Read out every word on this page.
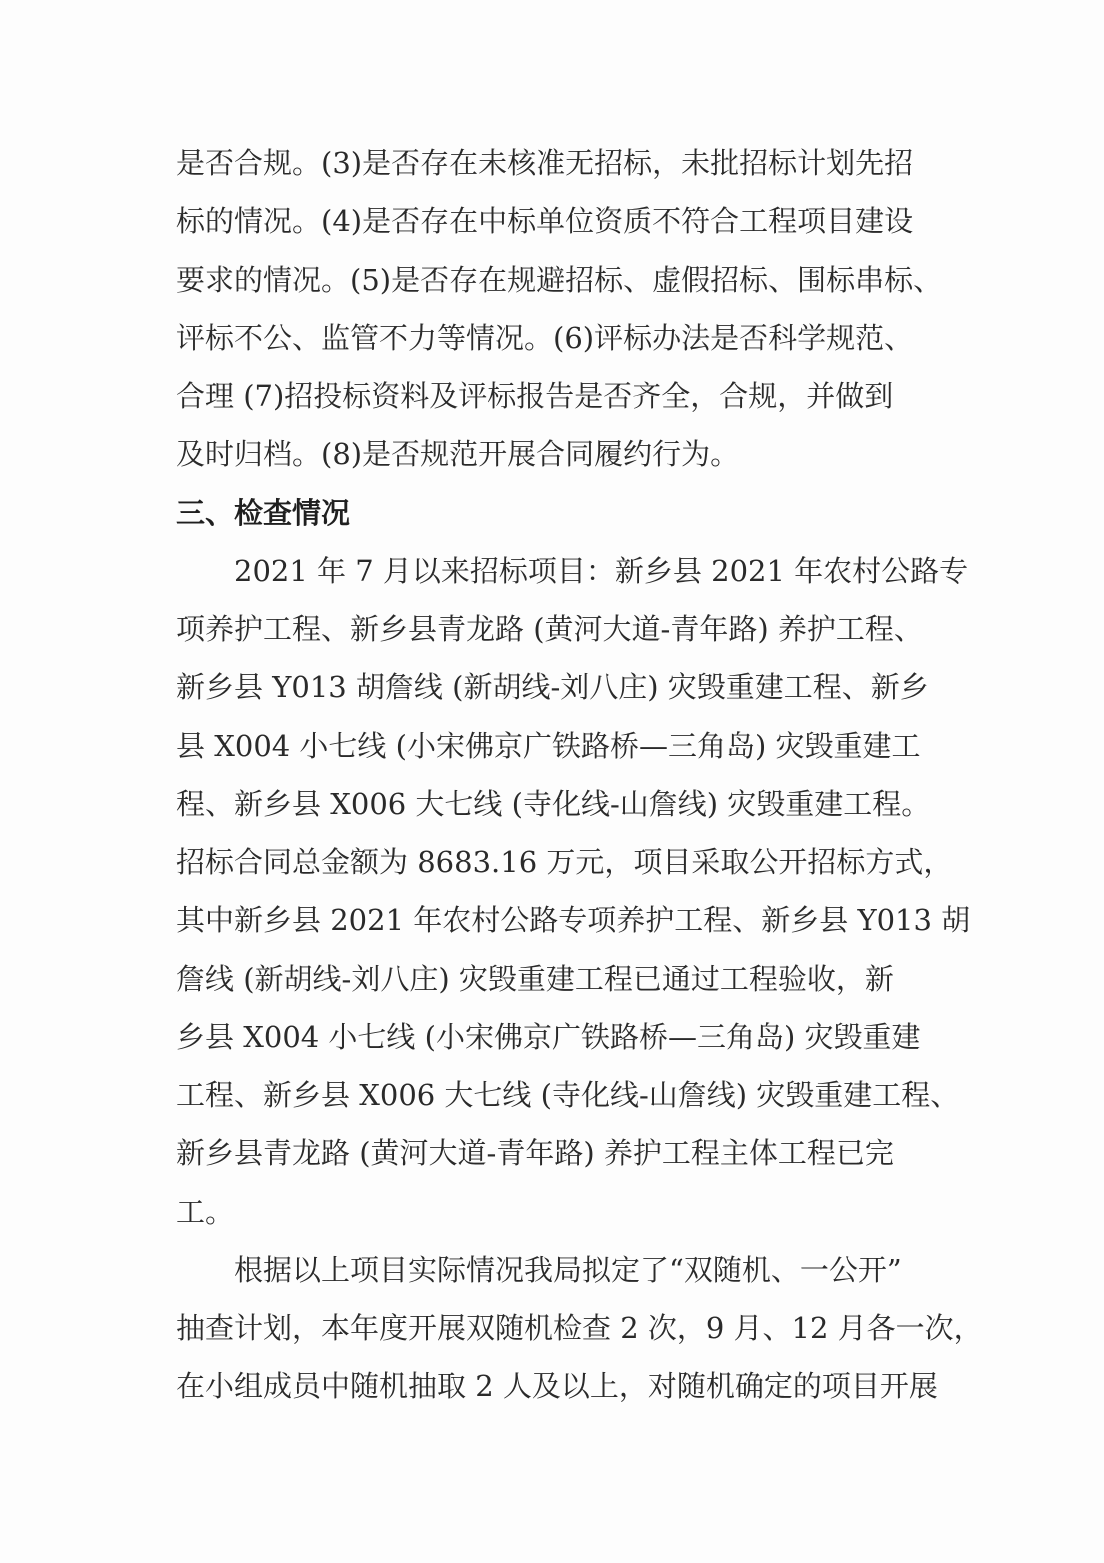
是否合规。(3)是否存在未核准无招标，未批招标计划先招
标的情况。(4)是否存在中标单位资质不符合工程项目建设
要求的情况。(5)是否存在规避招标、虚假招标、围标串标、
评标不公、监管不力等情况。(6)评标办法是否科学规范、
合理 (7)招投标资料及评标报告是否齐全，合规，并做到
及时归档。(8)是否规范开展合同履约行为。
三、检查情况
2021 年 7 月以来招标项目：新乡县 2021 年农村公路专
项养护工程、新乡县青龙路 (黄河大道-青年路) 养护工程、
新乡县 Y013 胡詹线 (新胡线-刘八庄) 灾毁重建工程、新乡
县 X004 小七线 (小宋佛京广铁路桥—三角岛) 灾毁重建工
程、新乡县 X006 大七线 (寺化线-山詹线) 灾毁重建工程。
招标合同总金额为 8683.16 万元，项目采取公开招标方式，
其中新乡县 2021 年农村公路专项养护工程、新乡县 Y013 胡
詹线 (新胡线-刘八庄) 灾毁重建工程已通过工程验收，新
乡县 X004 小七线 (小宋佛京广铁路桥—三角岛) 灾毁重建
工程、新乡县 X006 大七线 (寺化线-山詹线) 灾毁重建工程、
新乡县青龙路 (黄河大道-青年路) 养护工程主体工程已完
工。
根据以上项目实际情况我局拟定了“双随机、一公开”
抽查计划，本年度开展双随机检查 2 次，9 月、12 月各一次，
在小组成员中随机抽取 2 人及以上，对随机确定的项目开展
